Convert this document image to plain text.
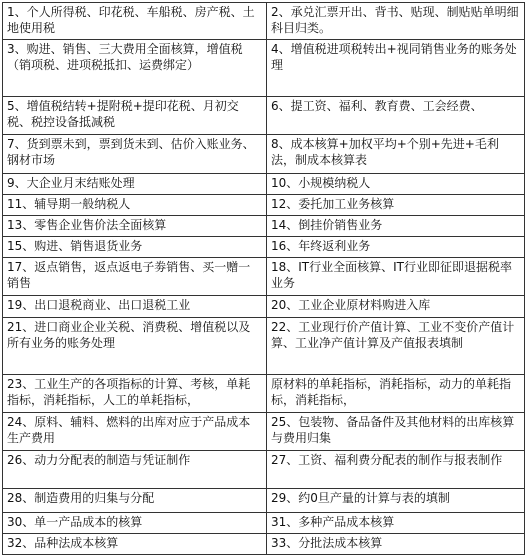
1、个人所得税、印花税、车船税、房产税、土地使用税	2、承兑汇票开出、背书、贴现、制贴贴单明细科目归类。
3、购进、销售、三大费用全面核算，增值税（销项税、进项税抵扣、运费绑定）	4、增值税进项税转出+视同销售业务的账务处理
5、增值税结转+提附税+提印花税、月初交税、税控设备抵减税	6、提工资、福利、教育费、工会经费、
7、货到票未到，票到货未到、估价入账业务、钢材市场	8、成本核算+加权平均+个别+先进+毛利法，制成本核算表
9、大企业月末结账处理	10、小规模纳税人
11、辅导期一般纳税人	12、委托加工业务核算
13、零售企业售价法全面核算	14、倒挂价销售业务
15、购进、销售退货业务	16、年终返利业务
17、返点销售，返点返电子劵销售、买一赠一销售	18、IT行业全面核算、IT行业即征即退据税率业务
19、出口退税商业、出口退税工业	20、工业企业原材料购进入库
21、进口商业企业关税、消费税、增值税以及所有业务的账务处理	22、工业现行价产值计算、工业不变价产值计算、工业净产值计算及产值报表填制
23、工业生产的各项指标的计算、考核，单耗指标，消耗指标，人工的单耗指标，	原材料的单耗指标，消耗指标，动力的单耗指标，消耗指标，
24、原料、辅料、燃料的出库对应于产品成本生产费用	25、包装物、备品备件及其他材料的出库核算与费用归集
26、动力分配表的制造与凭证制作	27、工资、福利费分配表的制作与报表制作
28、制造费用的归集与分配	29、约0旦产量的计算与表的填制
30、单一产品成本的核算	31、多种产品成本核算
32、品种法成本核算	33、分批法成本核算
